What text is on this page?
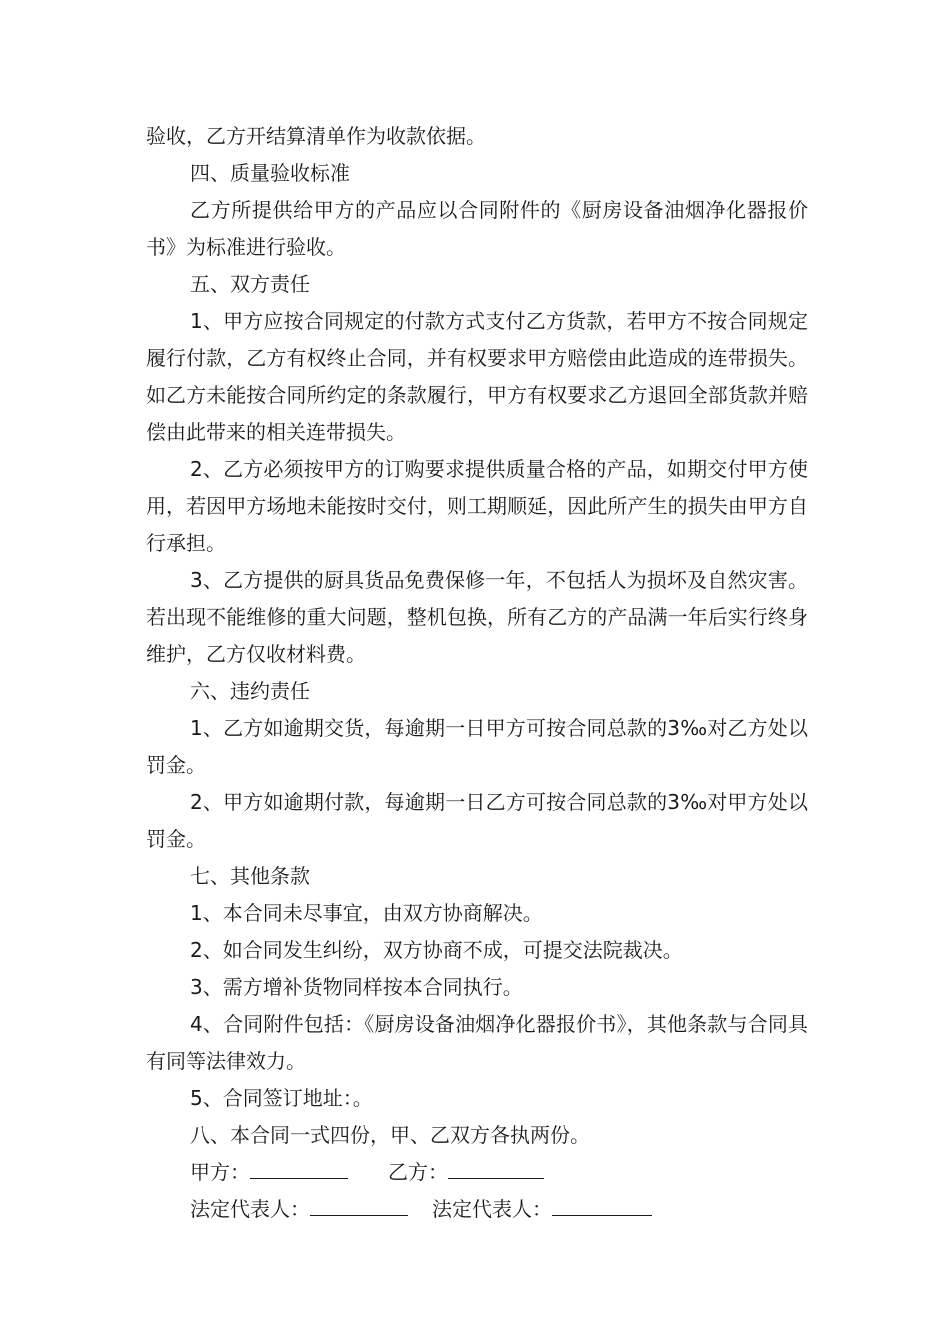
验收，乙方开结算清单作为收款依据。

四、质量验收标准

乙方所提供给甲方的产品应以合同附件的《厨房设备油烟净化器报价书》为标准进行验收。

五、双方责任

1、甲方应按合同规定的付款方式支付乙方货款，若甲方不按合同规定履行付款，乙方有权终止合同，并有权要求甲方赔偿由此造成的连带损失。如乙方未能按合同所约定的条款履行，甲方有权要求乙方退回全部货款并赔偿由此带来的相关连带损失。

2、乙方必须按甲方的订购要求提供质量合格的产品，如期交付甲方使用，若因甲方场地未能按时交付，则工期顺延，因此所产生的损失由甲方自行承担。

3、乙方提供的厨具货品免费保修一年，不包括人为损坏及自然灾害。若出现不能维修的重大问题，整机包换，所有乙方的产品满一年后实行终身维护，乙方仅收材料费。

六、违约责任

1、乙方如逾期交货，每逾期一日甲方可按合同总款的3‰对乙方处以罚金。

2、甲方如逾期付款，每逾期一日乙方可按合同总款的3‰对甲方处以罚金。

七、其他条款

1、本合同未尽事宜，由双方协商解决。

2、如合同发生纠纷，双方协商不成，可提交法院裁决。

3、需方增补货物同样按本合同执行。

4、合同附件包括：《厨房设备油烟净化器报价书》，其他条款与合同具有同等法律效力。

5、合同签订地址：。

八、本合同一式四份，甲、乙双方各执两份。

甲方：	乙方：
法定代表人：	法定代表人：
